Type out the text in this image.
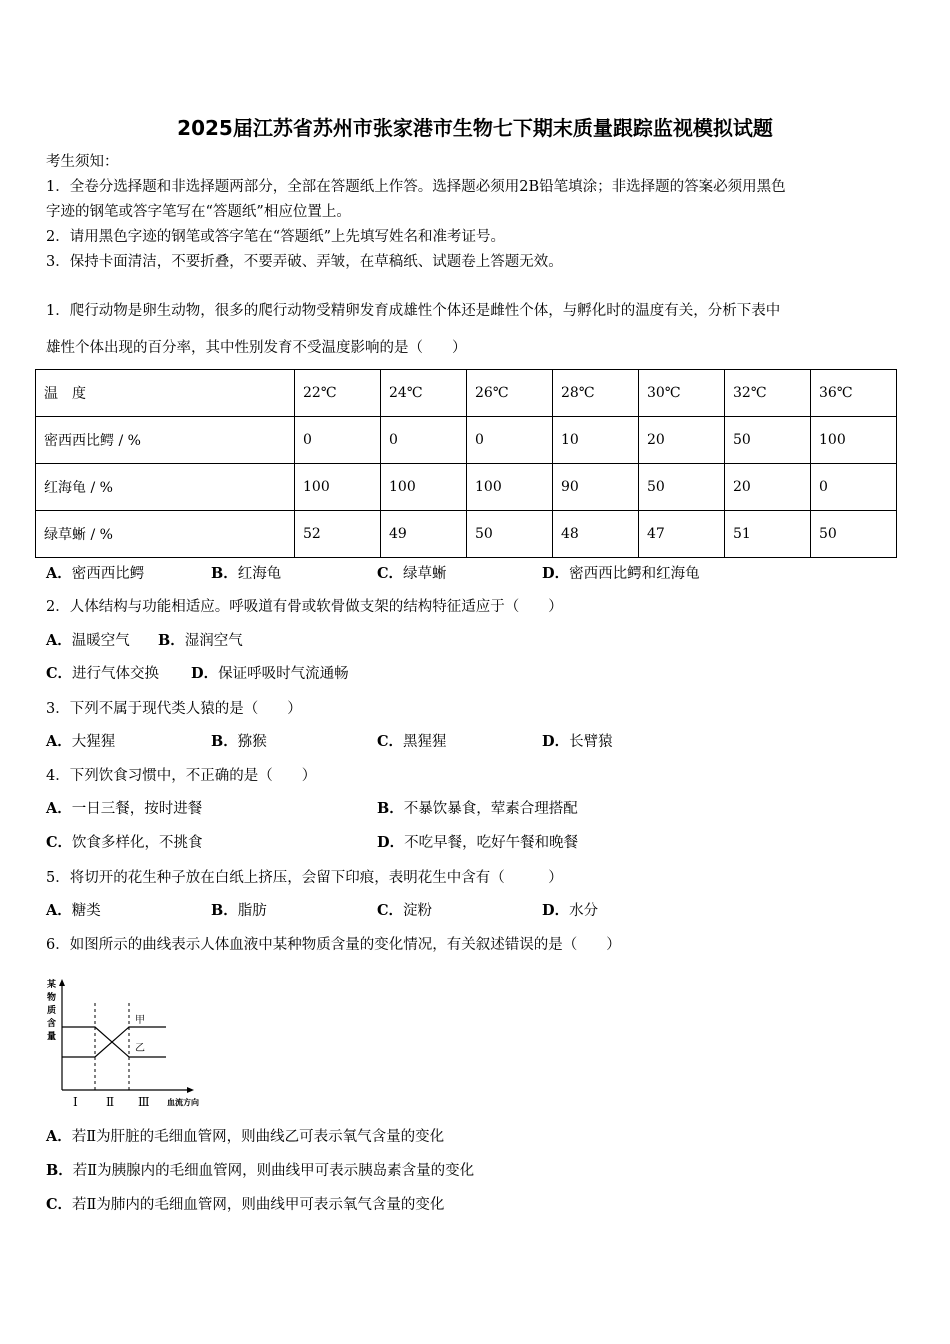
2025届江苏省苏州市张家港市生物七下期末质量跟踪监视模拟试题
考生须知：
1．全卷分选择题和非选择题两部分，全部在答题纸上作答。选择题必须用2B铅笔填涂；非选择题的答案必须用黑色
字迹的钢笔或答字笔写在“答题纸”相应位置上。
2．请用黑色字迹的钢笔或答字笔在“答题纸”上先填写姓名和准考证号。
3．保持卡面清洁，不要折叠，不要弄破、弄皱，在草稿纸、试题卷上答题无效。
1．爬行动物是卵生动物，很多的爬行动物受精卵发育成雄性个体还是雌性个体，与孵化时的温度有关，分析下表中
雄性个体出现的百分率，其中性别发育不受温度影响的是（　　）
温　度	22℃	24℃	26℃	28℃	30℃	32℃	36℃
密西西比鳄 / %	0	0	0	10	20	50	100
红海龟 / %	100	100	100	90	50	20	0
绿草蜥 / %	52	49	50	48	47	51	50
A．密西西比鳄	B．红海龟	C．绿草蜥	D．密西西比鳄和红海龟
2．人体结构与功能相适应。呼吸道有骨或软骨做支架的结构特征适应于（　　）
A．温暖空气 B．湿润空气
C．进行气体交换 D．保证呼吸时气流通畅
3．下列不属于现代类人猿的是（　　）
A．大猩猩	B．猕猴	C．黑猩猩	D．长臂猿
4．下列饮食习惯中，不正确的是（　　）
A．一日三餐，按时进餐	B．不暴饮暴食，荤素合理搭配
C．饮食多样化，不挑食	D．不吃早餐，吃好午餐和晚餐
5．将切开的花生种子放在白纸上挤压，会留下印痕，表明花生中含有（　　　）
A．糖类	B．脂肪	C．淀粉	D．水分
6．如图所示的曲线表示人体血液中某种物质含量的变化情况，有关叙述错误的是（　　）
某
物
质
含
量
甲
乙
Ⅰ Ⅱ Ⅲ 血流方向
A．若Ⅱ为肝脏的毛细血管网，则曲线乙可表示氧气含量的变化
B．若Ⅱ为胰腺内的毛细血管网，则曲线甲可表示胰岛素含量的变化
C．若Ⅱ为肺内的毛细血管网，则曲线甲可表示氧气含量的变化
